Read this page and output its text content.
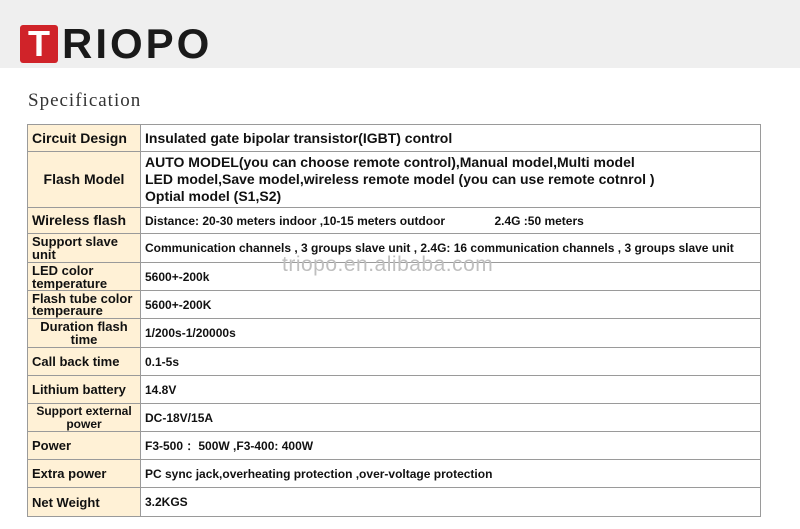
T RIOPO
Specification
Circuit Design	Insulated gate bipolar transistor(IGBT) control
Flash Model	AUTO MODEL(you can choose remote control),Manual model,Multi model
LED model,Save model,wireless remote model (you can use remote cotnrol )
Optial model (S1,S2)

Wireless flash	Distance: 20-30 meters indoor ,10-15 meters outdoor 2.4G :50 meters
Support slave unit	Communication channels , 3 groups slave unit , 2.4G: 16 communication channels , 3 groups slave unit
LED color temperature	5600+-200k
Flash tube color temperaure	5600+-200K
Duration flash time	1/200s-1/20000s
Call back time	0.1-5s
Lithium battery	14.8V
Support external power	DC-18V/15A
Power	F3-500 ：500W ,F3-400: 400W
Extra power	PC sync jack,overheating protection ,over-voltage protection
Net Weight	3.2KGS
triopo.en.alibaba.com
